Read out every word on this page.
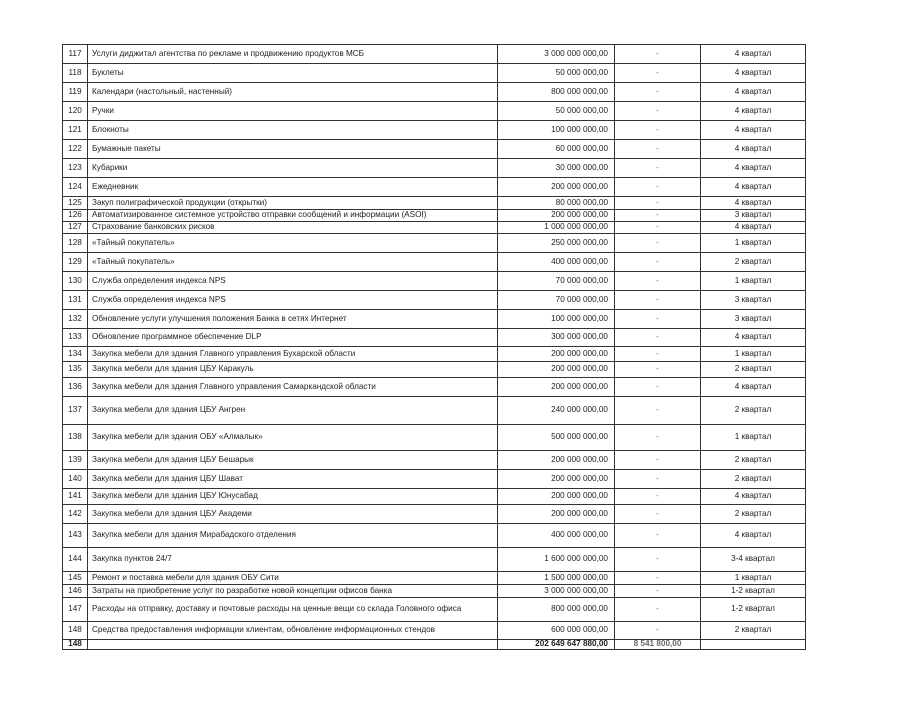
117	Услуги диджитал агентства по рекламе и продвижению продуктов МСБ	3 000 000 000,00	-	4 квартал
118	Буклеты	50 000 000,00	-	4 квартал
119	Календари (настольный, настенный)	800 000 000,00	-	4 квартал
120	Ручки	50 000 000,00	-	4 квартал
121	Блокноты	100 000 000,00	-	4 квартал
122	Бумажные пакеты	60 000 000,00	-	4 квартал
123	Кубарики	30 000 000,00	-	4 квартал
124	Ежедневник	200 000 000,00	-	4 квартал
125	Закуп полиграфической продукции (открытки)	80 000 000,00	-	4 квартал
126	Автоматизированное системное устройство отправки сообщений и информации (ASOI)	200 000 000,00	-	3 квартал
127	Страхование банковских рисков	1 000 000 000,00	-	4 квартал
128	«Тайный покупатель»	250 000 000,00	-	1 квартал
129	«Тайный покупатель»	400 000 000,00	-	2 квартал
130	Служба определения индекса NPS	70 000 000,00	-	1 квартал
131	Служба определения индекса NPS	70 000 000,00	-	3 квартал
132	Обновление услуги улучшения положения Банка в сетях Интернет	100 000 000,00	-	3 квартал
133	Обновление программное обеспечение DLP	300 000 000,00	-	4 квартал
134	Закупка мебели для здания Главного управления Бухарской области	200 000 000,00	-	1 квартал
135	Закупка мебели для здания ЦБУ Каракуль	200 000 000,00	-	2 квартал
136	Закупка мебели для здания Главного управления Самаркандской области	200 000 000,00	-	4 квартал
137	Закупка мебели для здания ЦБУ Ангрен	240 000 000,00	-	2 квартал
138	Закупка мебели для здания ОБУ «Алмалык»	500 000 000,00	-	1 квартал
139	Закупка мебели для здания ЦБУ Бешарык	200 000 000,00	-	2 квартал
140	Закупка мебели для здания ЦБУ Шават	200 000 000,00	-	2 квартал
141	Закупка мебели для здания ЦБУ Юнусабад	200 000 000,00	-	4 квартал
142	Закупка мебели для здания ЦБУ Академи	200 000 000,00	-	2 квартал
143	Закупка мебели для здания Мирабадского отделения	400 000 000,00	-	4 квартал
144	Закупка пунктов 24/7	1 600 000 000,00	-	3-4 квартал
145	Ремонт и поставка мебели для здания ОБУ Сити	1 500 000 000,00	-	1 квартал
146	Затраты на приобретение услуг по разработке новой концепции офисов банка	3 000 000 000,00	-	1-2 квартал
147	Расходы на отправку, доставку и почтовые расходы на ценные вещи со склада Головного офиса	800 000 000,00	-	1-2 квартал
148	Средства предоставления информации клиентам, обновление информационных стендов	600 000 000,00	-	2 квартал
148		202 649 647 880,00	8 541 800,00	
